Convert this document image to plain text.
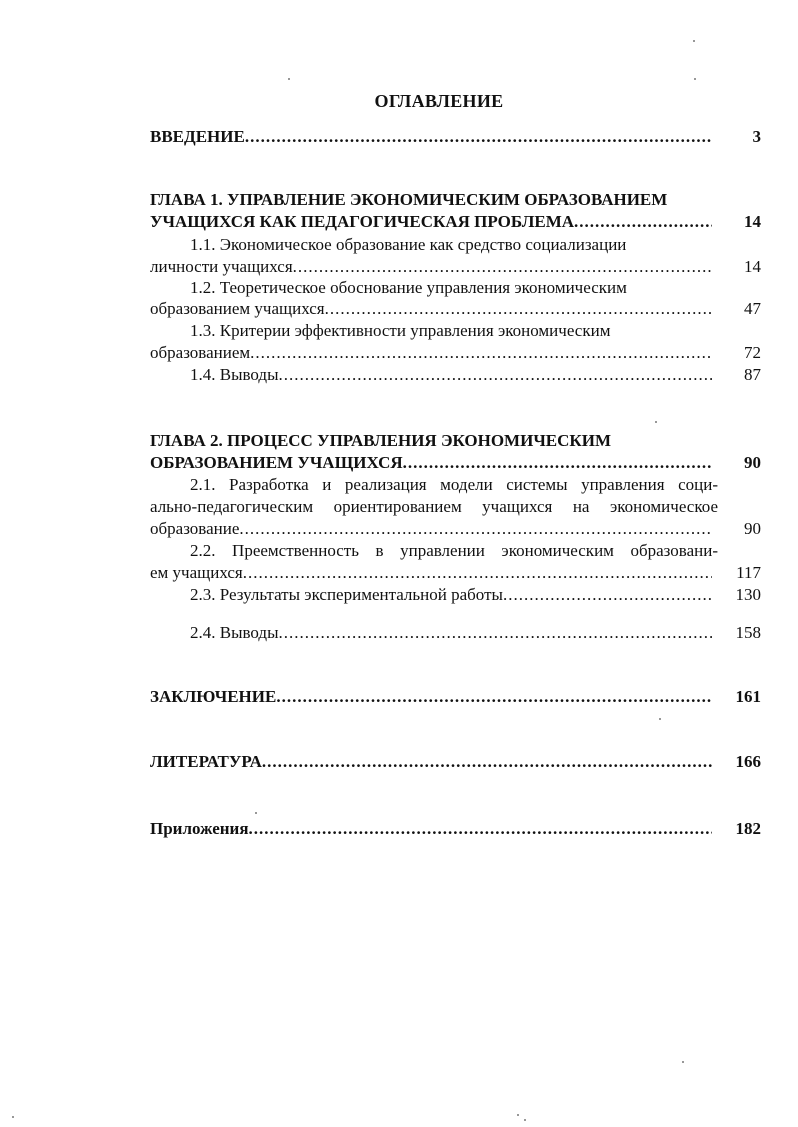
ОГЛАВЛЕНИЕ
ВВЕДЕНИЕ .....	3
ГЛАВА 1. УПРАВЛЕНИЕ ЭКОНОМИЧЕСКИМ ОБРАЗОВАНИЕМ
УЧАЩИХСЯ КАК ПЕДАГОГИЧЕСКАЯ ПРОБЛЕМА .....	14
1.1. Экономическое образование как средство социализации
личности учащихся .....	14
1.2. Теоретическое обоснование управления экономическим
образованием учащихся .....	47
1.3. Критерии эффективности управления экономическим
образованием .....	72
1.4. Выводы .....	87
ГЛАВА 2. ПРОЦЕСС УПРАВЛЕНИЯ ЭКОНОМИЧЕСКИМ
ОБРАЗОВАНИЕМ УЧАЩИХСЯ .....	90
2.1. Разработка и реализация модели системы управления соци-
ально-педагогическим ориентированием учащихся на экономическое
образование .....	90
2.2. Преемственность в управлении экономическим образовани-
ем учащихся .....	117
2.3. Результаты экспериментальной работы .....	130
2.4. Выводы .....	158
ЗАКЛЮЧЕНИЕ .....	161
ЛИТЕРАТУРА .....	166
Приложения .....	182
